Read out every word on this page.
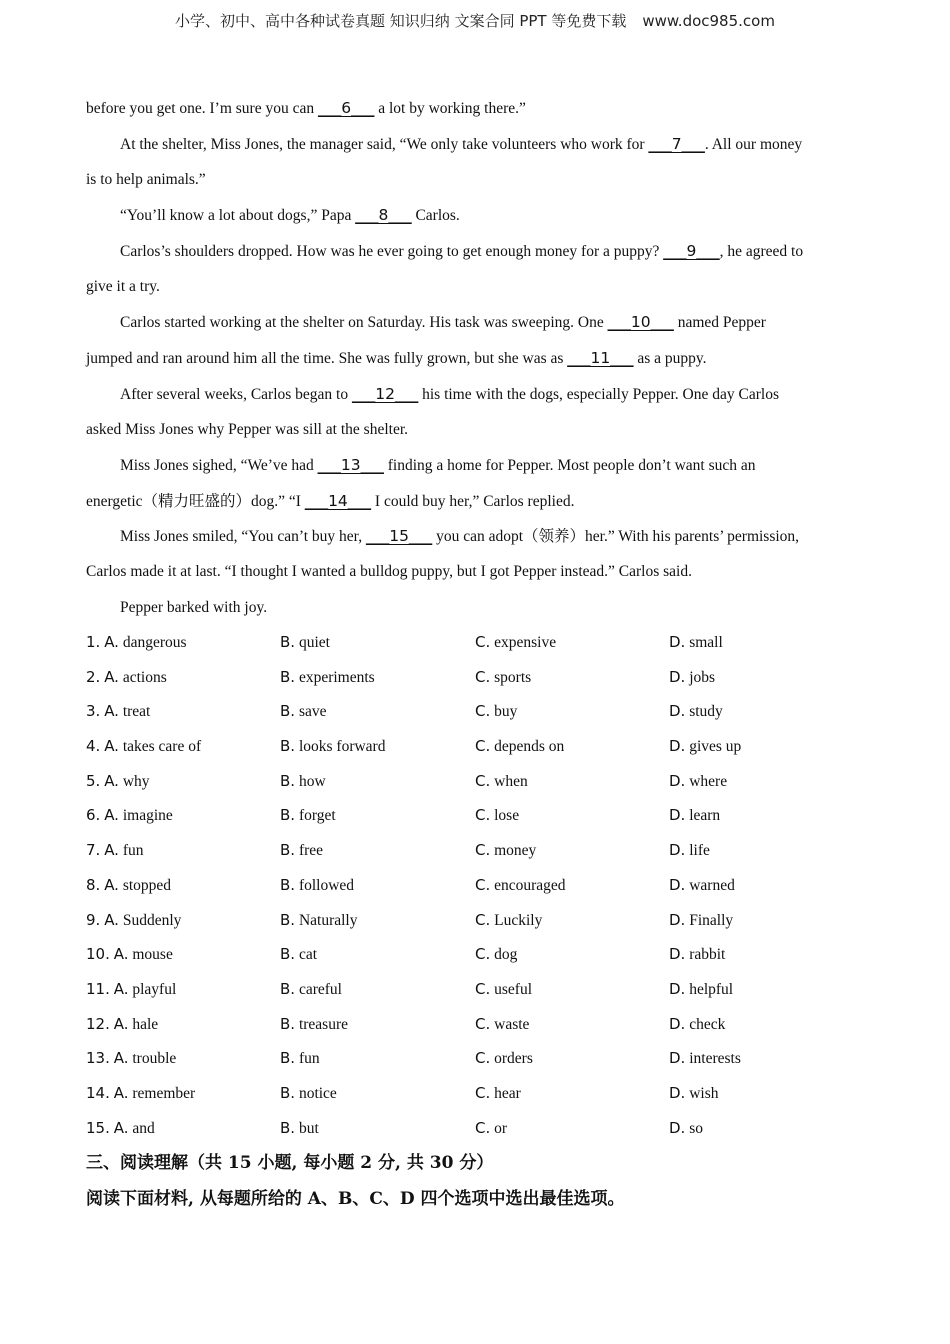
小学、初中、高中各种试卷真题 知识归纳 文案合同 PPT 等免费下载 www.doc985.com
before you get one. I’m sure you can ___6___ a lot by working there.”
At the shelter, Miss Jones, the manager said, “We only take volunteers who work for ___7___. All our money
is to help animals.”
“You’ll know a lot about dogs,” Papa ___8___ Carlos.
Carlos’s shoulders dropped. How was he ever going to get enough money for a puppy? ___9___, he agreed to
give it a try.
Carlos started working at the shelter on Saturday. His task was sweeping. One ___10___ named Pepper
jumped and ran around him all the time. She was fully grown, but she was as ___11___ as a puppy.
After several weeks, Carlos began to ___12___ his time with the dogs, especially Pepper. One day Carlos
asked Miss Jones why Pepper was sill at the shelter.
Miss Jones sighed, “We’ve had ___13___ finding a home for Pepper. Most people don’t want such an
energetic（精力旺盛的）dog.” “I ___14___ I could buy her,” Carlos replied.
Miss Jones smiled, “You can’t buy her, ___15___ you can adopt（领养）her.” With his parents’ permission,
Carlos made it at last. “I thought I wanted a bulldog puppy, but I got Pepper instead.” Carlos said.
Pepper barked with joy.
1. A. dangerous	B. quiet	C. expensive	D. small
2. A. actions	B. experiments	C. sports	D. jobs
3. A. treat	B. save	C. buy	D. study
4. A. takes care of	B. looks forward	C. depends on	D. gives up
5. A. why	B. how	C. when	D. where
6. A. imagine	B. forget	C. lose	D. learn
7. A. fun	B. free	C. money	D. life
8. A. stopped	B. followed	C. encouraged	D. warned
9. A. Suddenly	B. Naturally	C. Luckily	D. Finally
10. A. mouse	B. cat	C. dog	D. rabbit
11. A. playful	B. careful	C. useful	D. helpful
12. A. hale	B. treasure	C. waste	D. check
13. A. trouble	B. fun	C. orders	D. interests
14. A. remember	B. notice	C. hear	D. wish
15. A. and	B. but	C. or	D. so
三、阅读理解（共 15 小题, 每小题 2 分, 共 30 分）
阅读下面材料, 从每题所给的 A、B、C、D 四个选项中选出最佳选项。
